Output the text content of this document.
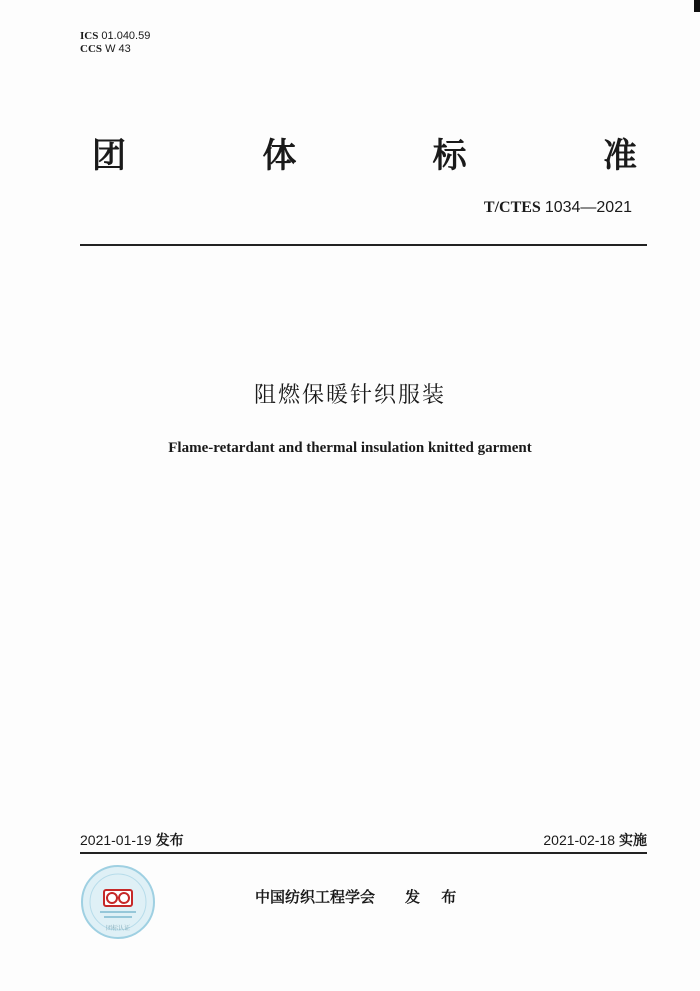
ICS 01.040.59
CCS W 43
团	体	标	准
T/CTES 1034—2021
阻燃保暖针织服装
Flame-retardant and thermal insulation knitted garment
2021-01-19 发布	2021-02-18 实施
团标认证
中国纺织工程学会 发 布
